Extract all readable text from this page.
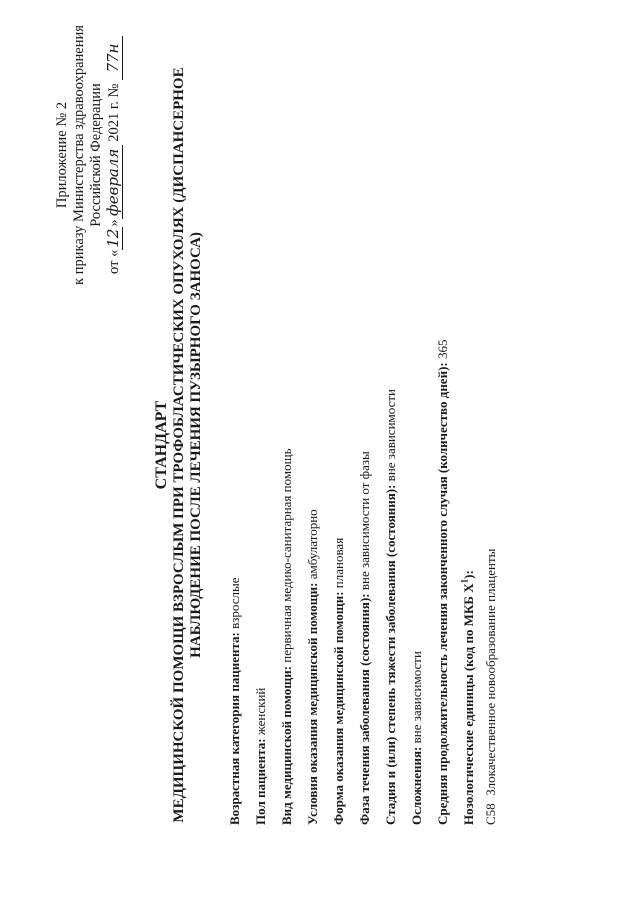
Приложение № 2 к приказу Министерства здравоохранения Российской Федерации
от «12»февраля 2021 г. № 77н
СТАНДАРТ МЕДИЦИНСКОЙ ПОМОЩИ ВЗРОСЛЫМ ПРИ ТРОФОБЛАСТИЧЕСКИХ ОПУХОЛЯХ (ДИСПАНСЕРНОЕ НАБЛЮДЕНИЕ ПОСЛЕ ЛЕЧЕНИЯ ПУЗЫРНОГО ЗАНОСА)
Возрастная категория пациента: взрослые
Пол пациента: женский Вид медицинской помощи: первичная медико-санитарная помощь
Условия оказания медицинской помощи: амбулаторно
Форма оказания медицинской помощи: плановая
Фаза течения заболевания (состояния): вне зависимости от фазы Стадия и (или) степень тяжести заболевания (состояния): вне зависимости
Осложнения: вне зависимости Средняя продолжительность лечения законченного случая (количество дней): 365
Нозологические единицы (код по МКБ $X^1$):
C58 Злокачественное новообразование плаценты
